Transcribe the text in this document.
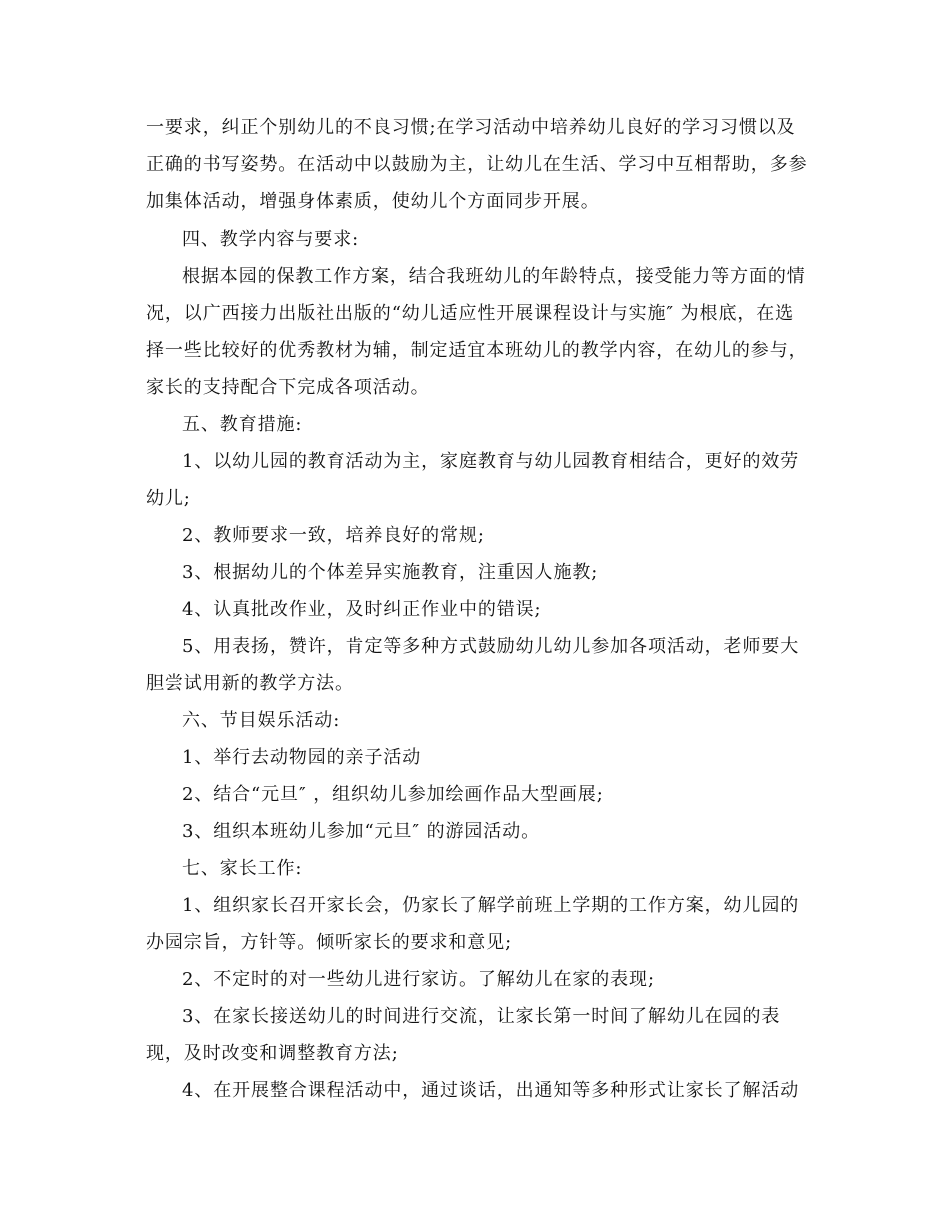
一要求，纠正个别幼儿的不良习惯;在学习活动中培养幼儿良好的学习习惯以及
正确的书写姿势。在活动中以鼓励为主，让幼儿在生活、学习中互相帮助，多参
加集体活动，增强身体素质，使幼儿个方面同步开展。
四、教学内容与要求:
根据本园的保教工作方案，结合我班幼儿的年龄特点，接受能力等方面的情
况，以广西接力出版社出版的“幼儿适应性开展课程设计与实施″ 为根底，在选
择一些比较好的优秀教材为辅，制定适宜本班幼儿的教学内容，在幼儿的参与，
家长的支持配合下完成各项活动。
五、教育措施:
1、以幼儿园的教育活动为主，家庭教育与幼儿园教育相结合，更好的效劳
幼儿;
2、教师要求一致，培养良好的常规;
3、根据幼儿的个体差异实施教育，注重因人施教;
4、认真批改作业，及时纠正作业中的错误;
5、用表扬，赞许，肯定等多种方式鼓励幼儿幼儿参加各项活动，老师要大
胆尝试用新的教学方法。
六、节目娱乐活动:
1、举行去动物园的亲子活动
2、结合“元旦″ ，组织幼儿参加绘画作品大型画展;
3、组织本班幼儿参加“元旦″ 的游园活动。
七、家长工作:
1、组织家长召开家长会，仍家长了解学前班上学期的工作方案，幼儿园的
办园宗旨，方针等。倾听家长的要求和意见;
2、不定时的对一些幼儿进行家访。了解幼儿在家的表现;
3、在家长接送幼儿的时间进行交流，让家长第一时间了解幼儿在园的表
现，及时改变和调整教育方法;
4、在开展整合课程活动中，通过谈话，出通知等多种形式让家长了解活动
